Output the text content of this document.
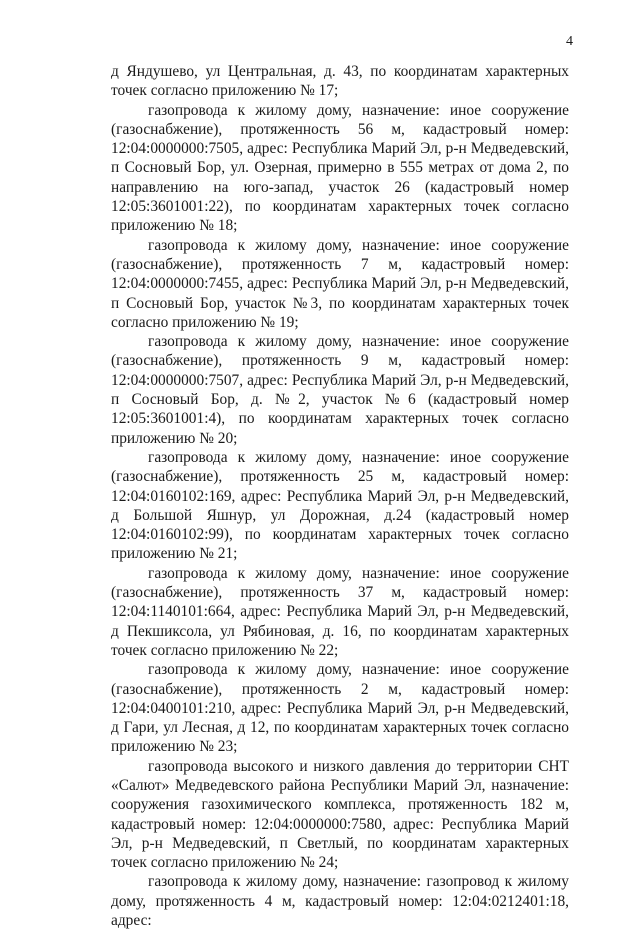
4

д Яндушево, ул Центральная, д. 43, по координатам характерных точек согласно приложению № 17;

газопровода к жилому дому, назначение: иное сооружение (газоснабжение), протяженность 56 м, кадастровый номер: 12:04:0000000:7505, адрес: Республика Марий Эл, р-н Медведевский, п Сосновый Бор, ул. Озерная, примерно в 555 метрах от дома 2, по направлению на юго-запад, участок 26 (кадастровый номер 12:05:3601001:22), по координатам характерных точек согласно приложению № 18;

газопровода к жилому дому, назначение: иное сооружение (газоснабжение), протяженность 7 м, кадастровый номер: 12:04:0000000:7455, адрес: Республика Марий Эл, р-н Медведевский, п Сосновый Бор, участок №3, по координатам характерных точек согласно приложению № 19;

газопровода к жилому дому, назначение: иное сооружение (газоснабжение), протяженность 9 м, кадастровый номер: 12:04:0000000:7507, адрес: Республика Марий Эл, р-н Медведевский, п Сосновый Бор, д. №2, участок №6 (кадастровый номер 12:05:3601001:4), по координатам характерных точек согласно приложению № 20;

газопровода к жилому дому, назначение: иное сооружение (газоснабжение), протяженность 25 м, кадастровый номер: 12:04:0160102:169, адрес: Республика Марий Эл, р-н Медведевский, д Большой Яшнур, ул Дорожная, д.24 (кадастровый номер 12:04:0160102:99), по координатам характерных точек согласно приложению № 21;

газопровода к жилому дому, назначение: иное сооружение (газоснабжение), протяженность 37 м, кадастровый номер: 12:04:1140101:664, адрес: Республика Марий Эл, р-н Медведевский, д Пекшиксола, ул Рябиновая, д. 16, по координатам характерных точек согласно приложению № 22;

газопровода к жилому дому, назначение: иное сооружение (газоснабжение), протяженность 2 м, кадастровый номер: 12:04:0400101:210, адрес: Республика Марий Эл, р-н Медведевский, д Гари, ул Лесная, д 12, по координатам характерных точек согласно приложению № 23;

газопровода высокого и низкого давления до территории СНТ «Салют» Медведевского района Республики Марий Эл, назначение: сооружения газохимического комплекса, протяженность 182 м, кадастровый номер: 12:04:0000000:7580, адрес: Республика Марий Эл, р-н Медведевский, п Светлый, по координатам характерных точек согласно приложению № 24;

газопровода к жилому дому, назначение: газопровод к жилому дому, протяженность 4 м, кадастровый номер: 12:04:0212401:18, адрес:
